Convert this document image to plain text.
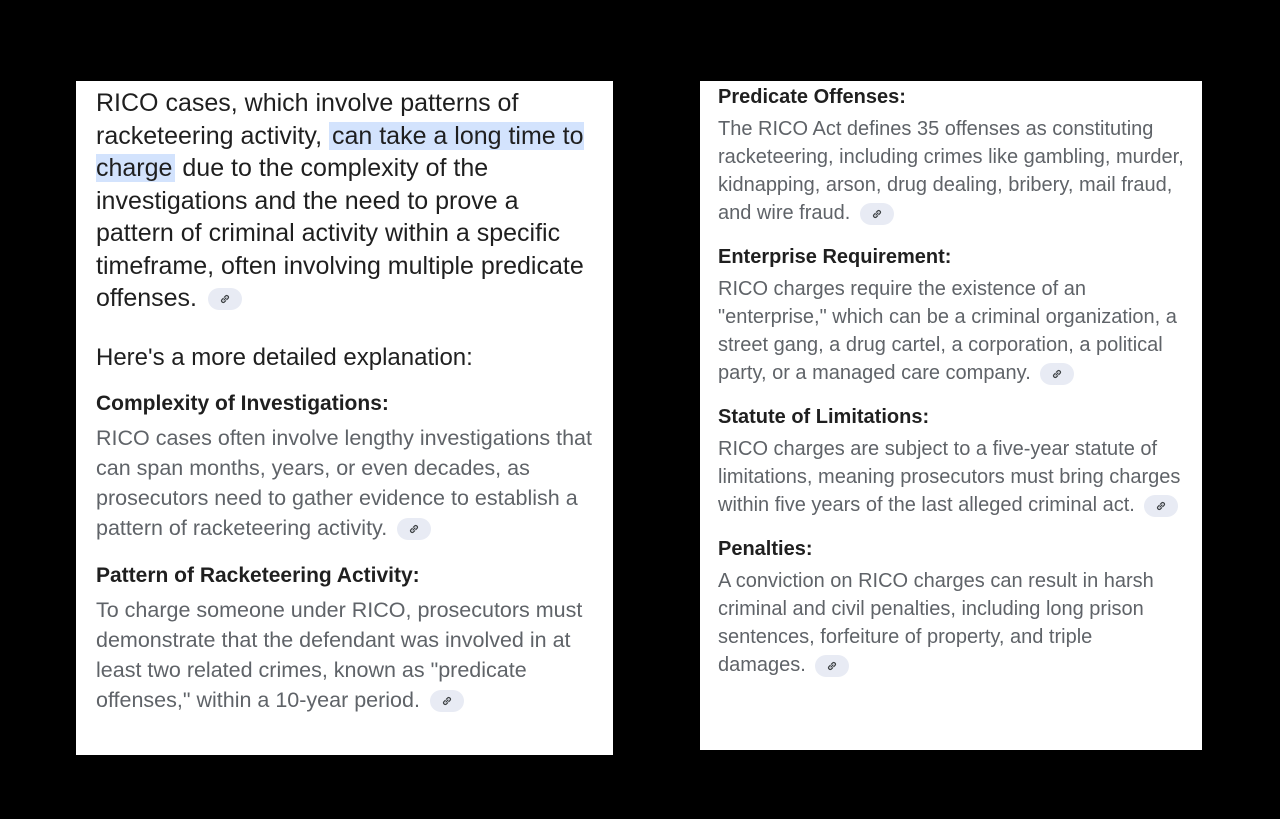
RICO cases, which involve patterns of racketeering activity, can take a long time to charge due to the complexity of the investigations and the need to prove a pattern of criminal activity within a specific timeframe, often involving multiple predicate offenses.

Here's a more detailed explanation:

Complexity of Investigations:

RICO cases often involve lengthy investigations that can span months, years, or even decades, as prosecutors need to gather evidence to establish a pattern of racketeering activity.

Pattern of Racketeering Activity:

To charge someone under RICO, prosecutors must demonstrate that the defendant was involved in at least two related crimes, known as "predicate offenses," within a 10-year period.

Predicate Offenses:

The RICO Act defines 35 offenses as constituting racketeering, including crimes like gambling, murder, kidnapping, arson, drug dealing, bribery, mail fraud, and wire fraud.

Enterprise Requirement:

RICO charges require the existence of an "enterprise," which can be a criminal organization, a street gang, a drug cartel, a corporation, a political party, or a managed care company.

Statute of Limitations:

RICO charges are subject to a five-year statute of limitations, meaning prosecutors must bring charges within five years of the last alleged criminal act.

Penalties:

A conviction on RICO charges can result in harsh criminal and civil penalties, including long prison sentences, forfeiture of property, and triple damages.
